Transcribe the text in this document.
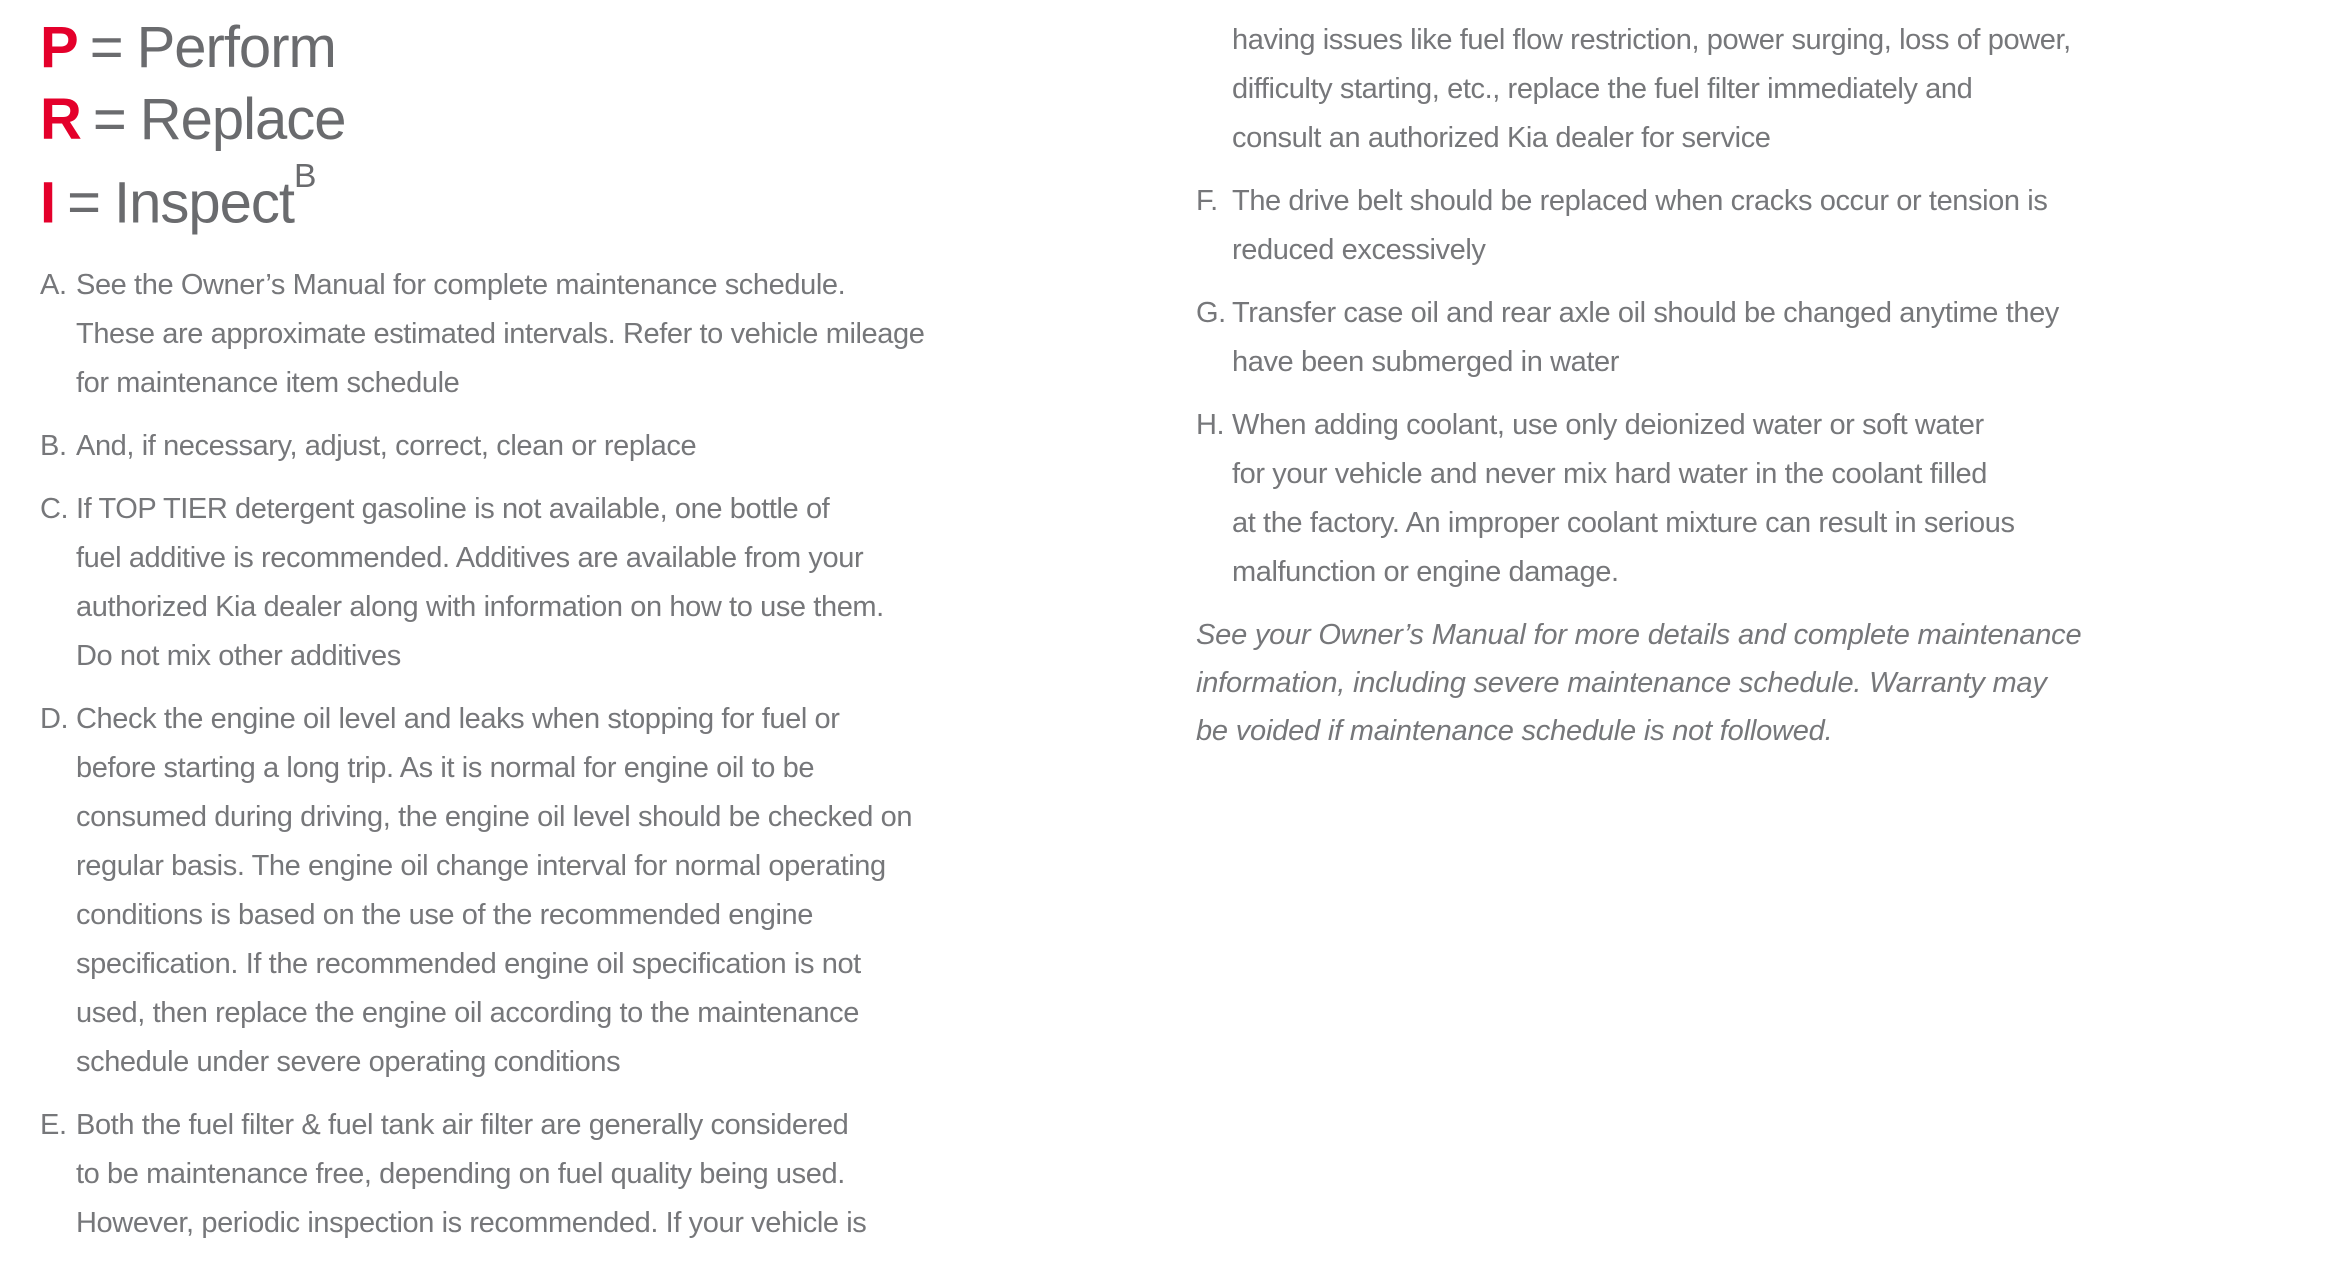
P = Perform
R = Replace
I = Inspect$^B$
A. See the Owner’s Manual for complete maintenance schedule.
These are approximate estimated intervals. Refer to vehicle mileage
for maintenance item schedule
B. And, if necessary, adjust, correct, clean or replace
C. If TOP TIER detergent gasoline is not available, one bottle of
fuel additive is recommended. Additives are available from your
authorized Kia dealer along with information on how to use them.
Do not mix other additives
D. Check the engine oil level and leaks when stopping for fuel or
before starting a long trip. As it is normal for engine oil to be
consumed during driving, the engine oil level should be checked on
regular basis. The engine oil change interval for normal operating
conditions is based on the use of the recommended engine
specification. If the recommended engine oil specification is not
used, then replace the engine oil according to the maintenance
schedule under severe operating conditions
E. Both the fuel filter & fuel tank air filter are generally considered
to be maintenance free, depending on fuel quality being used.
However, periodic inspection is recommended. If your vehicle is
having issues like fuel flow restriction, power surging, loss of power,
difficulty starting, etc., replace the fuel filter immediately and
consult an authorized Kia dealer for service
F. The drive belt should be replaced when cracks occur or tension is
reduced excessively
G. Transfer case oil and rear axle oil should be changed anytime they
have been submerged in water
H. When adding coolant, use only deionized water or soft water
for your vehicle and never mix hard water in the coolant filled
at the factory. An improper coolant mixture can result in serious
malfunction or engine damage.
See your Owner’s Manual for more details and complete maintenance
information, including severe maintenance schedule. Warranty may
be voided if maintenance schedule is not followed.
